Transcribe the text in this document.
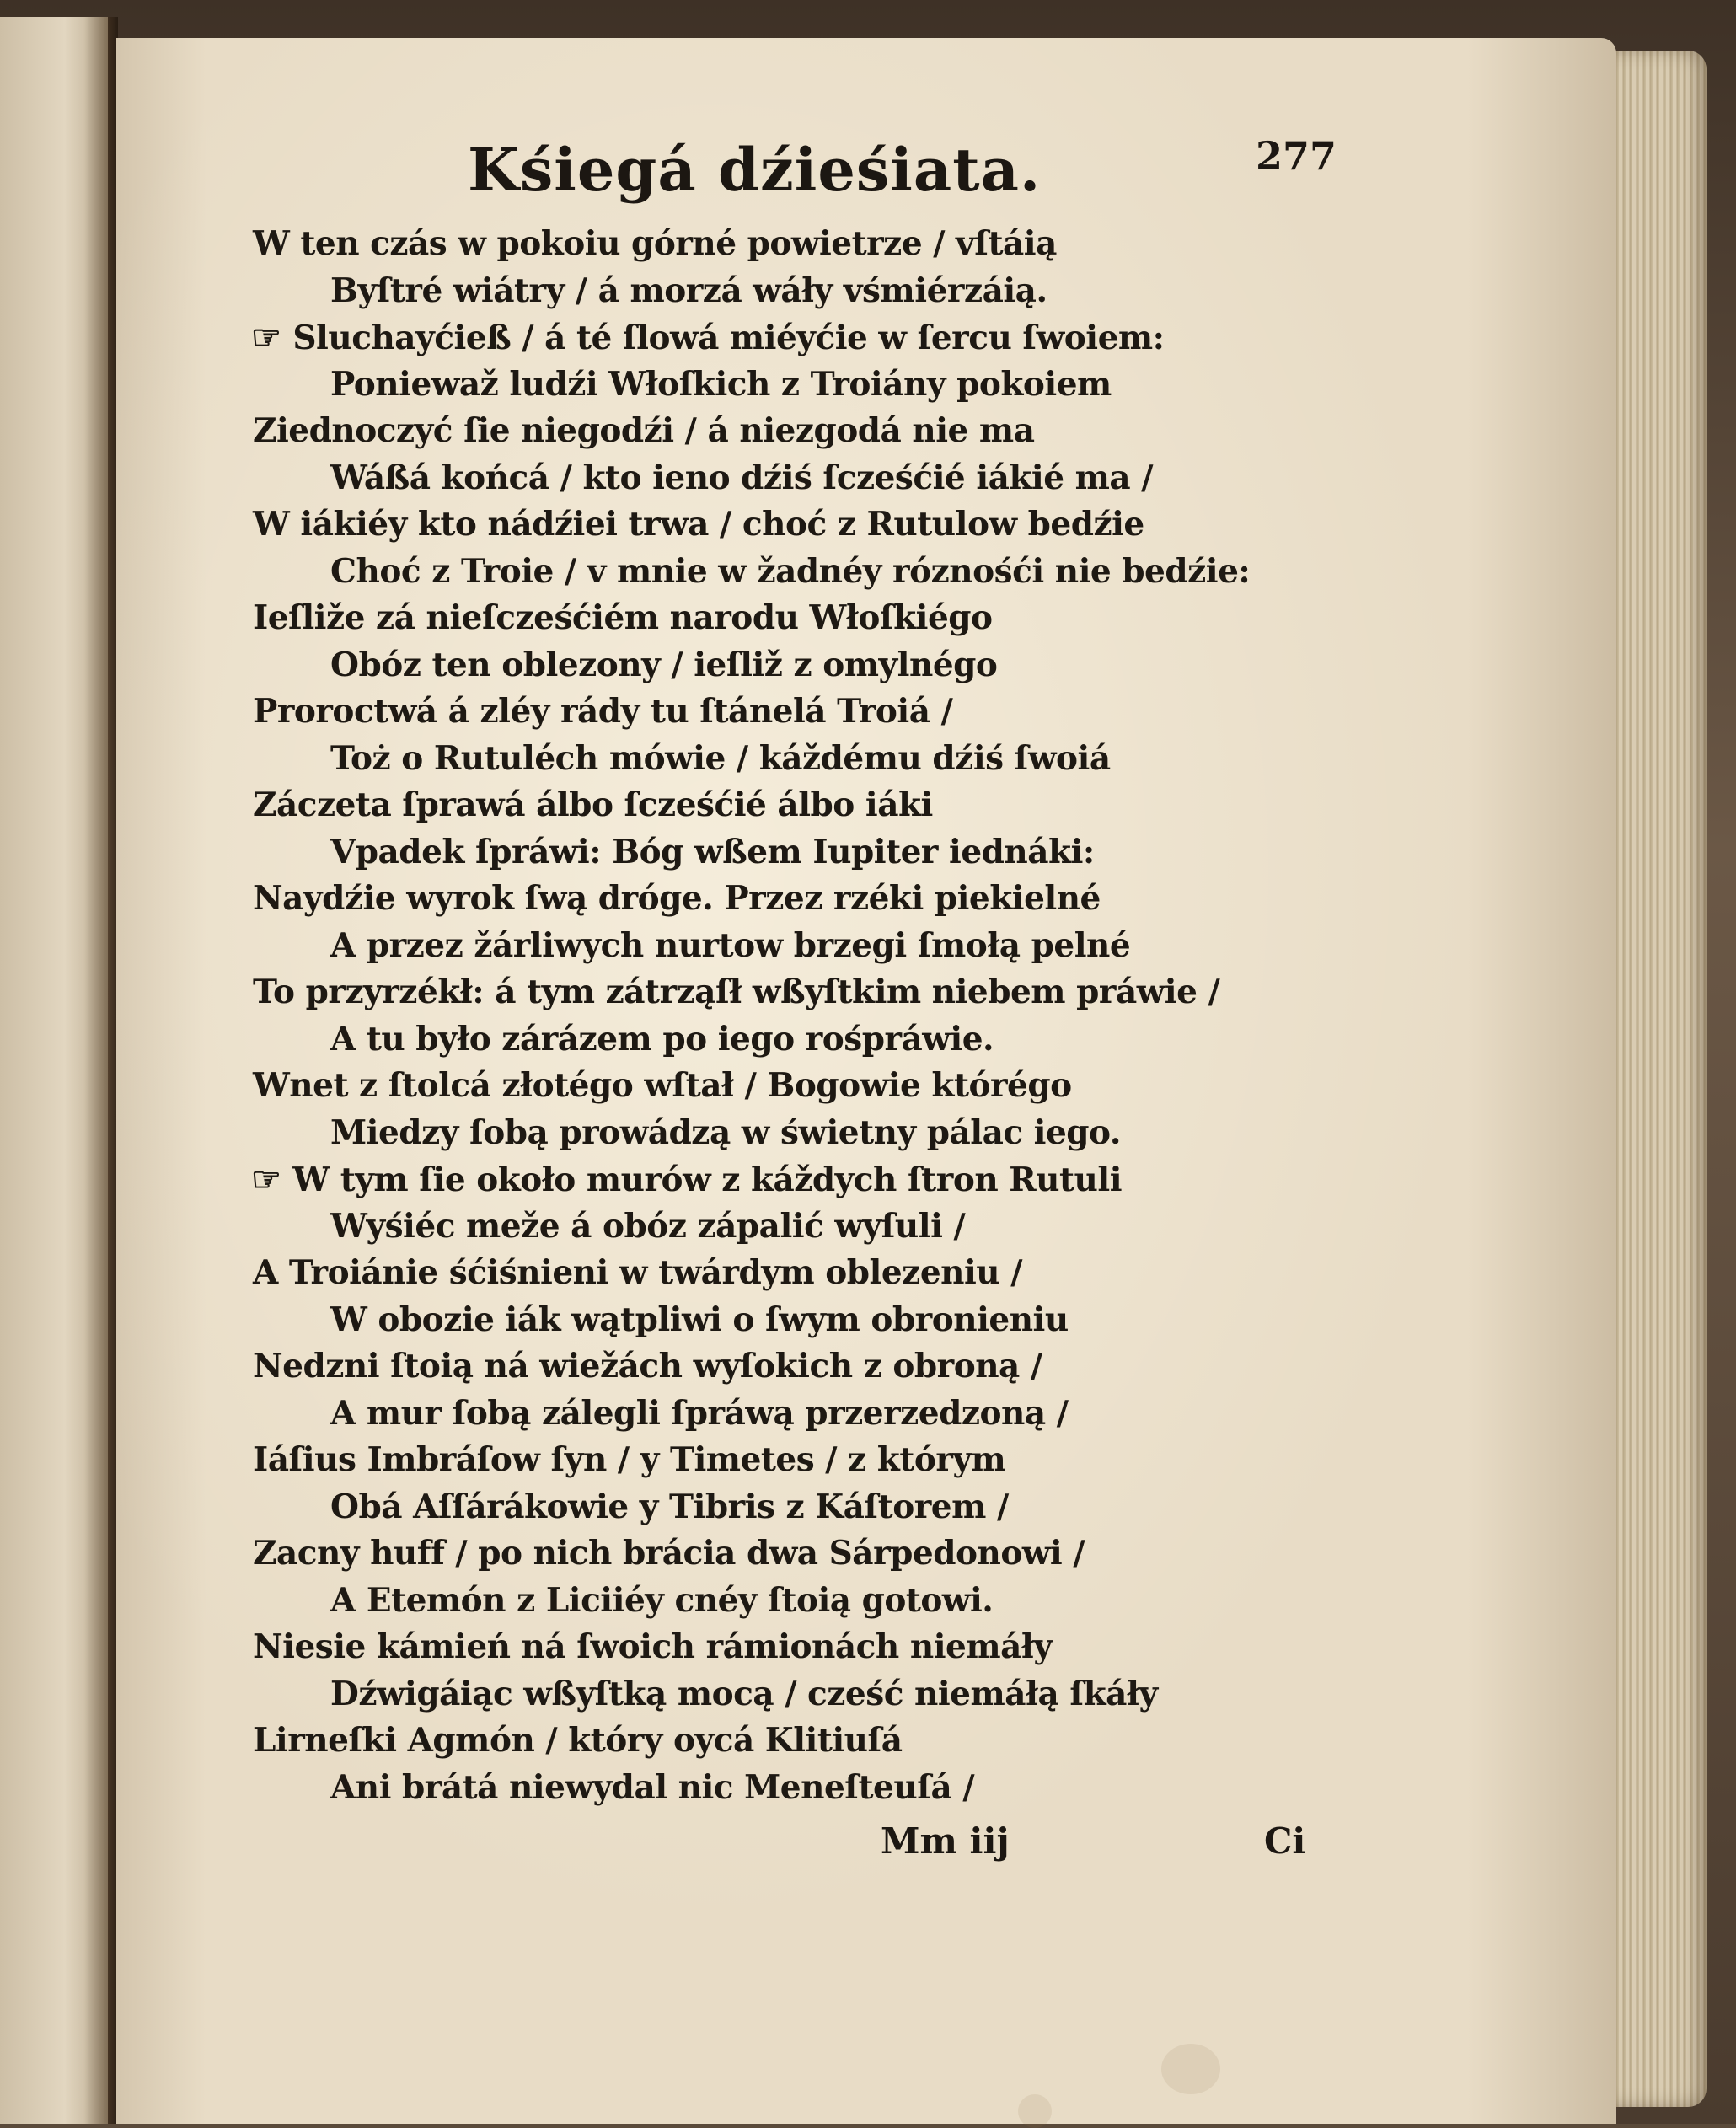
Kśiegá dźieśiata.	277
W ten czás w pokoiu górné powietrze / vſtáią
Byſtré wiátry / á morzá wáły vśmiérzáią.
☞ Sluchayćieß / á té ſlowá miéyćie w ſercu ſwoiem:
Poniewaž ludźi Włoſkich z Troiány pokoiem
Ziednoczyć ſie niegodźi / á niezgodá nie ma
Wáßá końcá / kto ieno dźiś ſcześćié iákié ma /
W iákiéy kto nádźiei trwa / choć z Rutulow bedźie
Choć z Troie / v mnie w žadnéy róznośći nie bedźie:
Ieſliže zá nieſcześćiém narodu Włoſkiégo
Obóz ten oblezony / ieſliž z omylnégo
Proroctwá á zléy rády tu ſtánelá Troiá /
Toż o Rutuléch mówie / káždému dźiś ſwoiá
Záczeta ſprawá álbo ſcześćié álbo iáki
Vpadek ſpráwi: Bóg wßem Iupiter iednáki:
Naydźie wyrok ſwą dróge. Przez rzéki piekielné
A przez žárliwych nurtow brzegi ſmołą pelné
To przyrzékł: á tym zátrząſł wßyſtkim niebem práwie /
A tu było zárázem po iego rośpráwie.
Wnet z ſtolcá złotégo wſtał / Bogowie którégo
Miedzy ſobą prowádzą w świetny pálac iego.
☞ W tym ſie około murów z káždych ſtron Rutuli
Wyśiéc meže á obóz zápalić wyſuli /
A Troiánie śćiśnieni w twárdym oblezeniu /
W obozie iák wątpliwi o ſwym obronieniu
Nedzni ſtoią ná wiežách wyſokich z obroną /
A mur ſobą zálegli ſpráwą przerzedzoną /
Iáſius Imbráſow ſyn / y Timetes / z którym
Obá Aſſárákowie y Tibris z Káſtorem /
Zacny huff / po nich brácia dwa Sárpedonowi /
A Etemón z Liciiéy cnéy ſtoią gotowi.
Niesie kámień ná ſwoich rámionách niemáły
Dźwigáiąc wßyſtką mocą / cześć niemáłą ſkáły
Lirneſki Agmón / który oycá Klitiuſá
Ani brátá niewydal nic Meneſteuſá /
Mm iij	Ci
